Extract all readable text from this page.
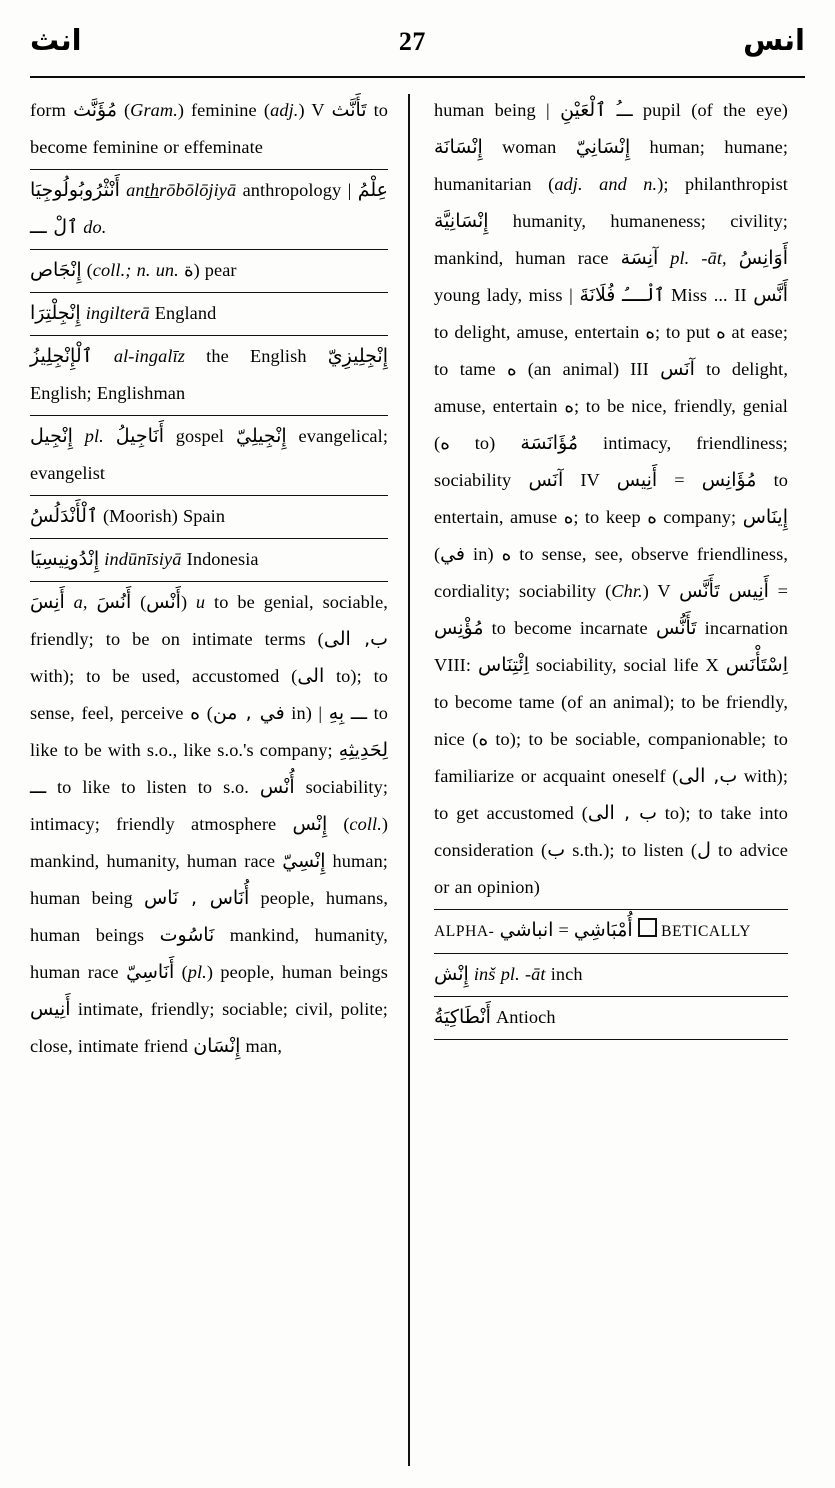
انث	27	انس

form مُؤَنَّث (Gram.) feminine (adj.) V تَأَنَّث to become feminine or effeminate

أَنْثْرُوبُولُوجِيَا anthrōbōlōjiyā anthropology | عِلْمُ ٱلْ ـــ do.

إِنْجَاص (coll.; n. un. ة) pear

إِنْجِلْتِرَا ingilterā England

ٱلْإِنْجِلِيزُ al-ingalīz the English إِنْجِلِيزِيّ English; Englishman

إِنْجِيل pl. أَنَاجِيلُ gospel إِنْجِيلِيّ evangelical; evangelist

ٱلْأَنْدَلُسُ (Moorish) Spain

إِنْدُونِيسِيَا indūnīsiyā Indonesia

أَنِسَ a, أَنُسَ (أَنْس) u to be genial, sociable, friendly; to be on intimate terms (ب, الى with); to be used, accustomed (الى to); to sense, feel, perceive ه (في , من in) | بِهِ ـــ to like to be with s.o., like s.o.'s company; لِحَدِيثِهِ ـــ to like to listen to s.o. أُنْس sociability; intimacy; friendly atmosphere إِنْس (coll.) mankind, humanity, human race إِنْسِيّ human; human being أُنَاس , نَاس people, humans, human beings نَاسُوت mankind, humanity, human race أَنَاسِيّ (pl.) people, human beings أَنِيس intimate, friendly; sociable; civil, polite; close, intimate friend إِنْسَان man,

human being | ٱلْعَيْنِ ـــُ pupil (of the eye) إِنْسَانَة woman إِنْسَانِيّ human; humane; humanitarian (adj. and n.); philanthropist إِنْسَانِيَّة humanity, humaneness; civility; mankind, human race آنِسَة pl. -āt, أَوَانِسُ young lady, miss | فُلَانَةَ ٱلْــُ Miss ... II أَنَّس to delight, amuse, entertain ه; to put ه at ease; to tame ه (an animal) III آنَس to delight, amuse, entertain ه; to be nice, friendly, genial (ه to) مُؤَانَسَة intimacy, friendliness; sociability آنَس IV أَنِيس = مُؤَانِس to entertain, amuse ه; to keep ه company; إِينَاس (في in) ه to sense, see, observe friendliness, cordiality; sociability (Chr.) V تَأَنَّس أَنِيس = مُؤْنِس to become incarnate تَأَنُّس incarnation VIII: اِئْتِنَاس sociability, social life X اِسْتَأْنَس to become tame (of an animal); to be friendly, nice (ه to); to be sociable, companionable; to familiarize or acquaint oneself (ب, الى with); to get accustomed (ب , الى to); to take into consideration (ب s.th.); to listen (ل to advice or an opinion)

ALPHA- انباشي = أُمْبَاشِي  BETICALLY

إِنْش inš pl. -āt inch

أَنْطَاكِيَةُ Antioch
